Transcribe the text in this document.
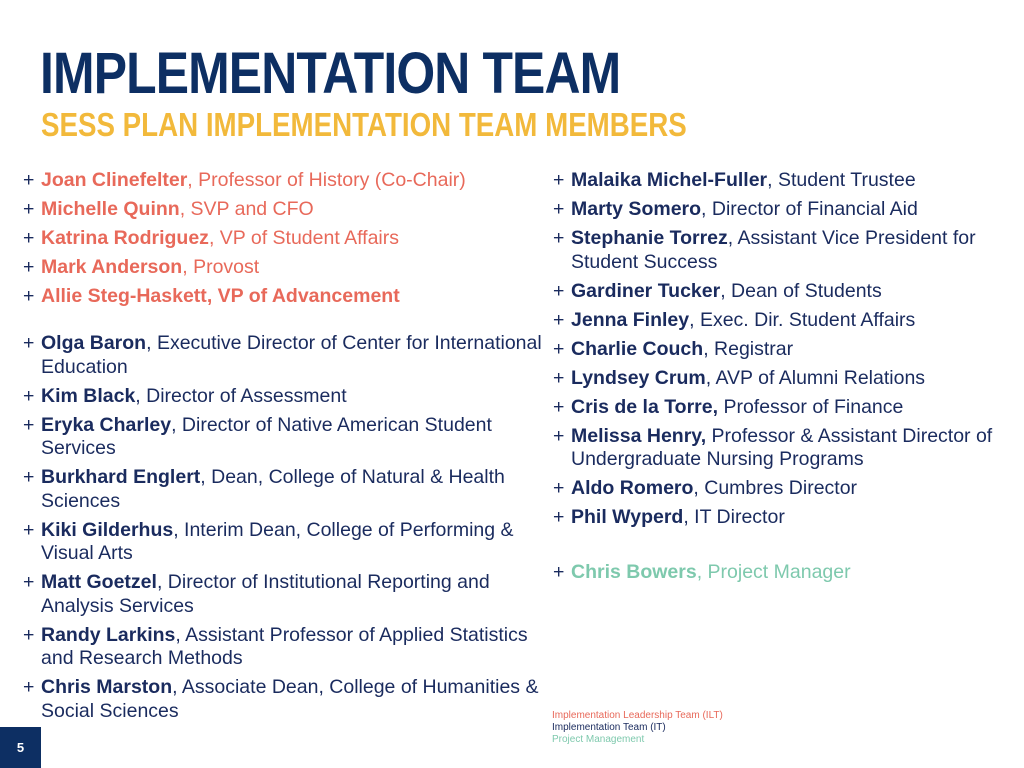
IMPLEMENTATION TEAM
SESS PLAN IMPLEMENTATION TEAM MEMBERS
+ Joan Clinefelter, Professor of History (Co-Chair)
+ Michelle Quinn, SVP and CFO
+ Katrina Rodriguez, VP of Student Affairs
+ Mark Anderson, Provost
+ Allie Steg-Haskett, VP of Advancement
+ Olga Baron, Executive Director of Center for International Education
+ Kim Black, Director of Assessment
+ Eryka Charley, Director of Native American Student Services
+ Burkhard Englert, Dean, College of Natural & Health Sciences
+ Kiki Gilderhus, Interim Dean, College of Performing & Visual Arts
+ Matt Goetzel, Director of Institutional Reporting and Analysis Services
+ Randy Larkins, Assistant Professor of Applied Statistics and Research Methods
+ Chris Marston, Associate Dean, College of Humanities & Social Sciences
+ Malaika Michel-Fuller, Student Trustee
+ Marty Somero, Director of Financial Aid
+ Stephanie Torrez, Assistant Vice President for Student Success
+ Gardiner Tucker, Dean of Students
+ Jenna Finley, Exec. Dir. Student Affairs
+ Charlie Couch, Registrar
+ Lyndsey Crum, AVP of Alumni Relations
+ Cris de la Torre, Professor of Finance
+ Melissa Henry, Professor & Assistant Director of Undergraduate Nursing Programs
+ Aldo Romero, Cumbres Director
+ Phil Wyperd, IT Director
+ Chris Bowers, Project Manager
Implementation Leadership Team (ILT)
Implementation Team (IT)
Project Management
5
